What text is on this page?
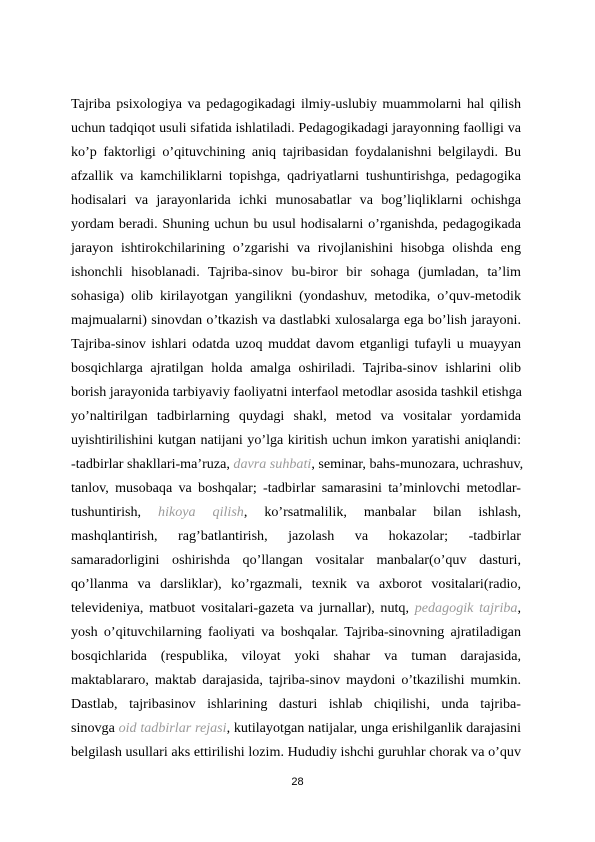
Tajriba psixologiya va pedagogikadagi ilmiy-uslubiy muammolarni hal qilish
uchun tadqiqot usuli sifatida ishlatiladi. Pedagogikadagi jarayonning faolligi va
ko’p faktorligi o’qituvchining aniq tajribasidan foydalanishni belgilaydi. Bu
afzallik va kamchiliklarni topishga, qadriyatlarni tushuntirishga, pedagogika
hodisalari va jarayonlarida ichki munosabatlar va bog’liqliklarni ochishga
yordam beradi. Shuning uchun bu usul hodisalarni o’rganishda, pedagogikada
jarayon ishtirokchilarining o’zgarishi va rivojlanishini hisobga olishda eng
ishonchli hisoblanadi. Tajriba-sinov bu-biror bir sohaga (jumladan, ta’lim
sohasiga) olib kirilayotgan yangilikni (yondashuv, metodika, o’quv-metodik
majmualarni) sinovdan o’tkazish va dastlabki xulosalarga ega bo’lish jarayoni.
Tajriba-sinov ishlari odatda uzoq muddat davom etganligi tufayli u muayyan
bosqichlarga ajratilgan holda amalga oshiriladi. Tajriba-sinov ishlarini olib
borish jarayonida tarbiyaviy faoliyatni interfaol metodlar asosida tashkil etishga
yo’naltirilgan tadbirlarning quydagi shakl, metod va vositalar yordamida
uyishtirilishini kutgan natijani yo’lga kiritish uchun imkon yaratishi aniqlandi:
-tadbirlar shakllari-ma’ruza, davra suhbati, seminar, bahs-munozara, uchrashuv,
tanlov, musobaqa va boshqalar; -tadbirlar samarasini ta’minlovchi metodlar-
tushuntirish, hikoya qilish, ko’rsatmalilik, manbalar bilan ishlash,
mashqlantirish, rag’batlantirish, jazolash va hokazolar; -tadbirlar
samaradorligini oshirishda qo’llangan vositalar manbalar(o’quv dasturi,
qo’llanma va darsliklar), ko’rgazmali, texnik va axborot vositalari(radio,
televideniya, matbuot vositalari-gazeta va jurnallar), nutq, pedagogik tajriba,
yosh o’qituvchilarning faoliyati va boshqalar. Tajriba-sinovning ajratiladigan
bosqichlarida (respublika, viloyat yoki shahar va tuman darajasida,
maktablararo, maktab darajasida, tajriba-sinov maydoni o’tkazilishi mumkin.
Dastlab, tajribasinov ishlarining dasturi ishlab chiqilishi, unda tajriba-
sinovga oid tadbirlar rejasi, kutilayotgan natijalar, unga erishilganlik darajasini
belgilash usullari aks ettirilishi lozim. Hududiy ishchi guruhlar chorak va o’quv
28
